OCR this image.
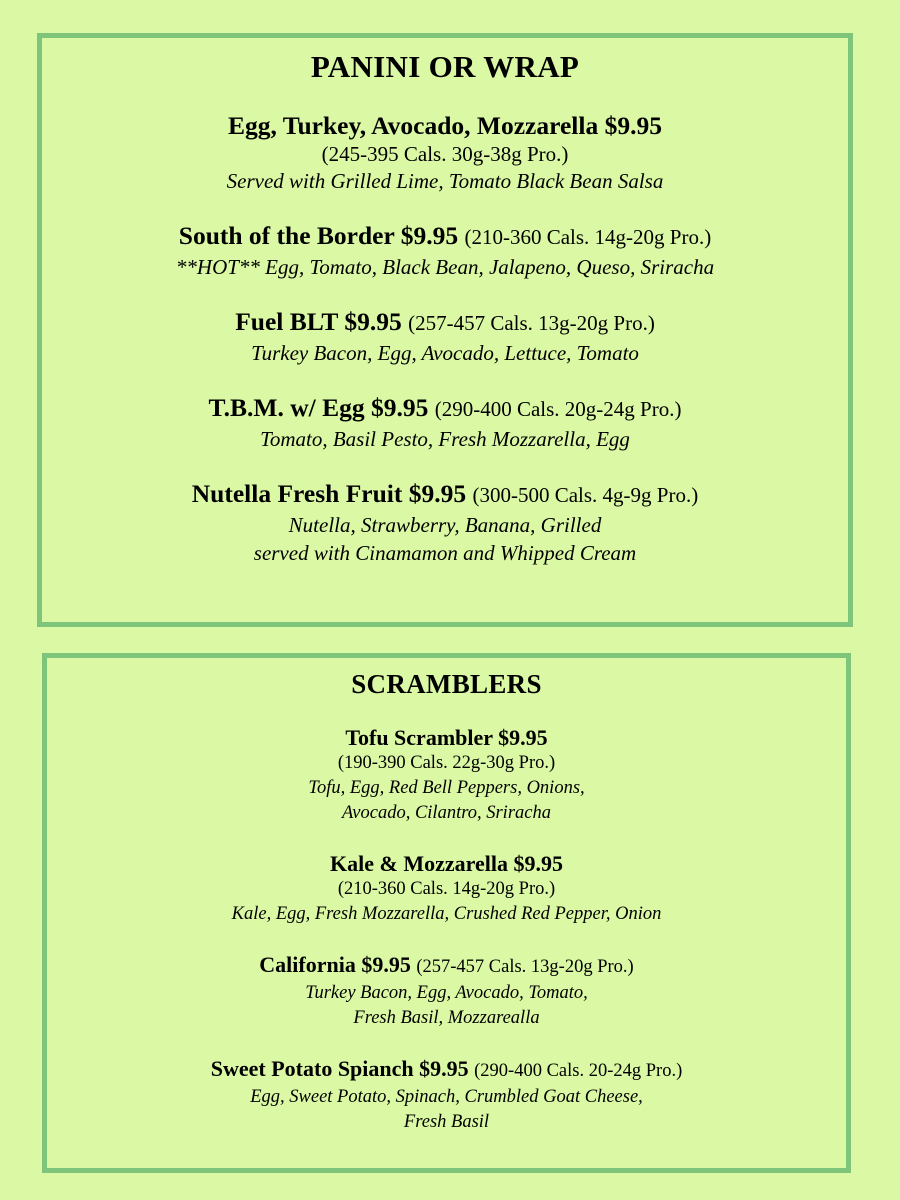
PANINI OR WRAP
Egg, Turkey, Avocado, Mozzarella $9.95
(245-395 Cals. 30g-38g Pro.)
Served with Grilled Lime, Tomato Black Bean Salsa
South of the Border $9.95 (210-360 Cals. 14g-20g Pro.)
**HOT** Egg, Tomato, Black Bean, Jalapeno, Queso, Sriracha
Fuel BLT $9.95 (257-457 Cals. 13g-20g Pro.)
Turkey Bacon, Egg, Avocado, Lettuce, Tomato
T.B.M. w/ Egg $9.95 (290-400 Cals. 20g-24g Pro.)
Tomato, Basil Pesto, Fresh Mozzarella, Egg
Nutella Fresh Fruit $9.95 (300-500 Cals. 4g-9g Pro.)
Nutella, Strawberry, Banana, Grilled
served with Cinamamon and Whipped Cream
SCRAMBLERS
Tofu Scrambler $9.95
(190-390 Cals. 22g-30g Pro.)
Tofu, Egg, Red Bell Peppers, Onions,
Avocado, Cilantro, Sriracha
Kale & Mozzarella $9.95
(210-360 Cals. 14g-20g Pro.)
Kale, Egg, Fresh Mozzarella, Crushed Red Pepper, Onion
California $9.95 (257-457 Cals. 13g-20g Pro.)
Turkey Bacon, Egg, Avocado, Tomato,
Fresh Basil, Mozzarealla
Sweet Potato Spianch $9.95 (290-400 Cals. 20-24g Pro.)
Egg, Sweet Potato, Spinach, Crumbled Goat Cheese,
Fresh Basil
